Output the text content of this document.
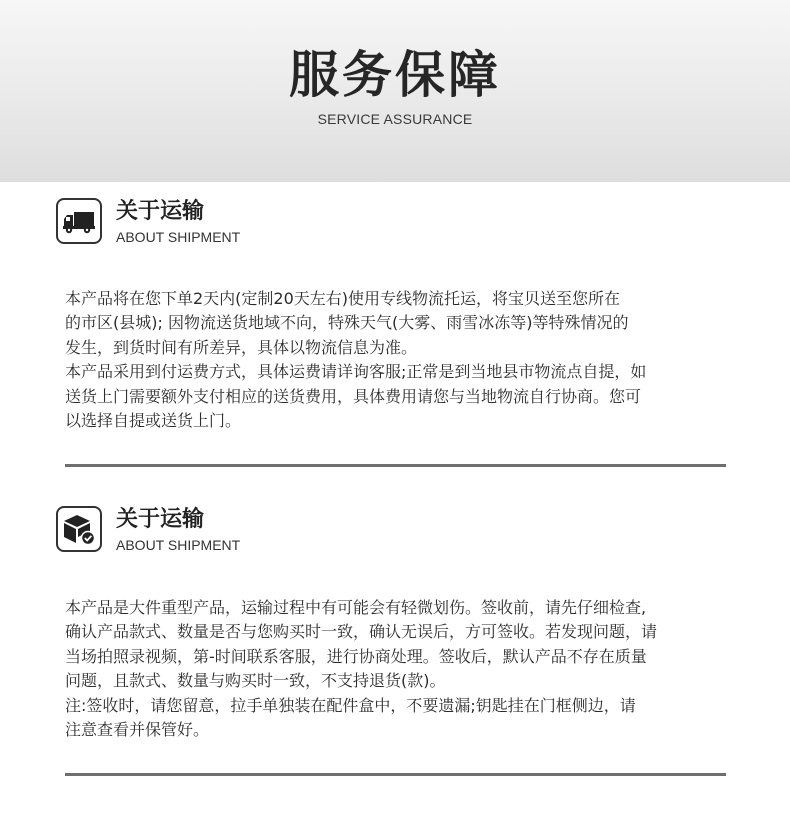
服务保障
SERVICE ASSURANCE
关于运输
ABOUT SHIPMENT

本产品将在您下单2天内(定制20天左右)使用专线物流托运，将宝贝送至您所在

的市区(县城); 因物流送货地域不向，特殊天气(大雾、雨雪冰冻等)等特殊情况的

发生，到货时间有所差异，具体以物流信息为准。

本产品采用到付运费方式，具体运费请详询客服;正常是到当地县市物流点自提，如

送货上门需要额外支付相应的送货费用，具体费用请您与当地物流自行协商。您可

以选择自提或送货上门。

关于运输
ABOUT SHIPMENT

本产品是大件重型产品，运输过程中有可能会有轻微划伤。签收前，请先仔细检查,

确认产品款式、数量是否与您购买时一致，确认无误后，方可签收。若发现问题，请

当场拍照录视频，第-时间联系客服，进行协商处理。签收后，默认产品不存在质量

问题，且款式、数量与购买时一致，不支持退货(款)。

注:签收时，请您留意，拉手单独装在配件盒中，不要遗漏;钥匙挂在门框侧边，请

注意查看并保管好。
